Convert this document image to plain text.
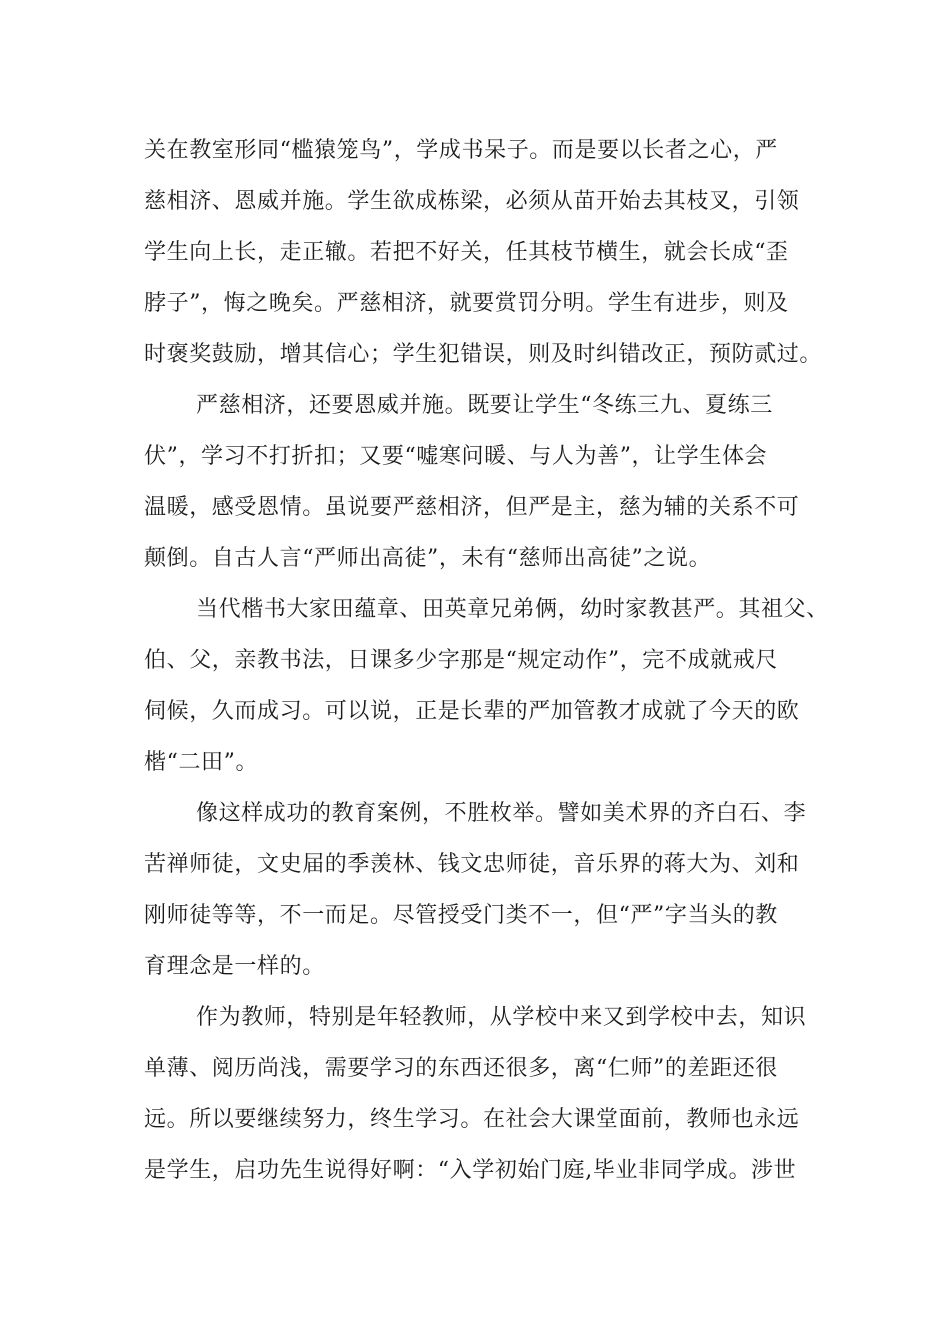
关在教室形同“槛猿笼鸟”，学成书呆子。而是要以长者之心，严
慈相济、恩威并施。学生欲成栋梁，必须从苗开始去其枝叉，引领
学生向上长，走正辙。若把不好关，任其枝节横生，就会长成“歪
脖子”，悔之晚矣。严慈相济，就要赏罚分明。学生有进步，则及
时褒奖鼓励，增其信心；学生犯错误，则及时纠错改正，预防贰过。
严慈相济，还要恩威并施。既要让学生“冬练三九、夏练三
伏”，学习不打折扣；又要“嘘寒问暖、与人为善”，让学生体会
温暖，感受恩情。虽说要严慈相济，但严是主，慈为辅的关系不可
颠倒。自古人言“严师出高徒”，未有“慈师出高徒”之说。
当代楷书大家田蕴章、田英章兄弟俩，幼时家教甚严。其祖父、
伯、父，亲教书法，日课多少字那是“规定动作”，完不成就戒尺
伺候，久而成习。可以说，正是长辈的严加管教才成就了今天的欧
楷“二田”。
像这样成功的教育案例，不胜枚举。譬如美术界的齐白石、李
苦禅师徒，文史届的季羡林、钱文忠师徒，音乐界的蒋大为、刘和
刚师徒等等，不一而足。尽管授受门类不一，但“严”字当头的教
育理念是一样的。
作为教师，特别是年轻教师，从学校中来又到学校中去，知识
单薄、阅历尚浅，需要学习的东西还很多，离“仁师”的差距还很
远。所以要继续努力，终生学习。在社会大课堂面前，教师也永远
是学生，启功先生说得好啊：“入学初始门庭,毕业非同学成。涉世
